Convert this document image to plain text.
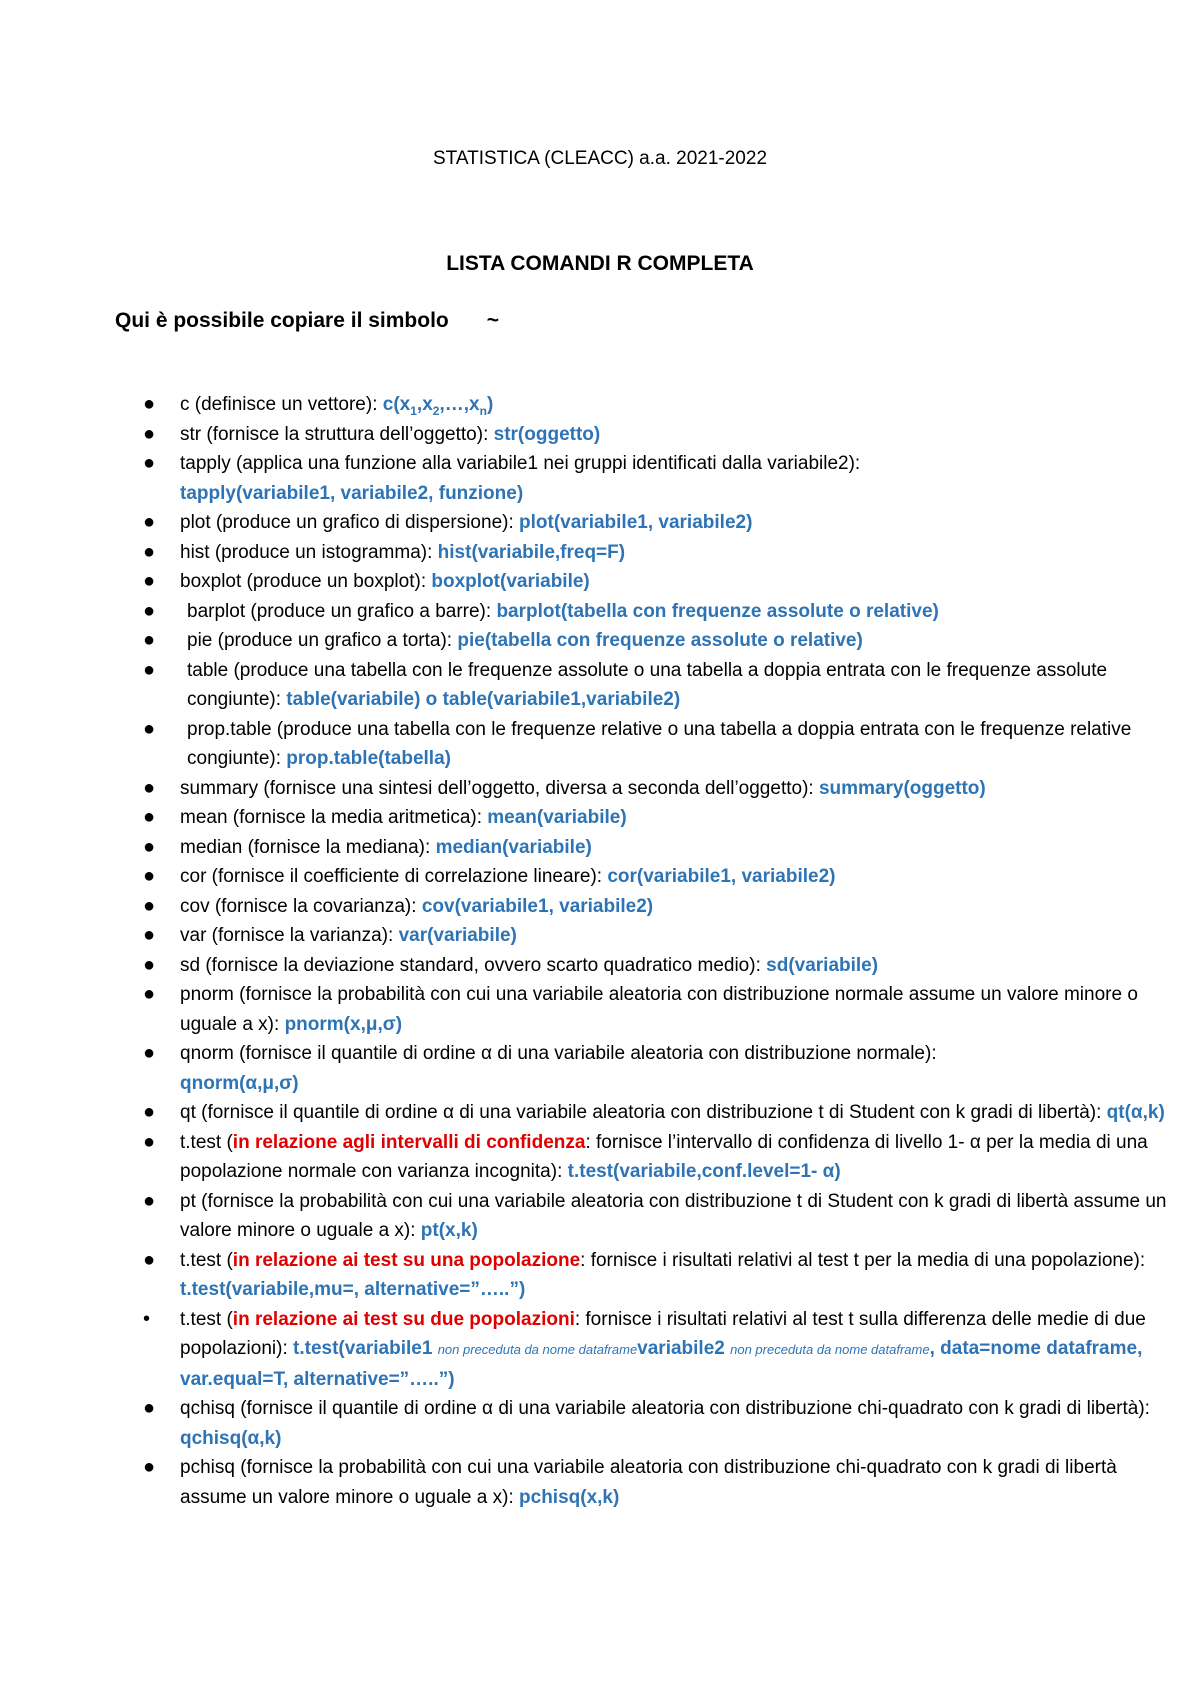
STATISTICA (CLEACC) a.a. 2021-2022
LISTA COMANDI R COMPLETA
Qui è possibile copiare il simbolo ~
● c (definisce un vettore): $c(x_1,x_2,\dots,x_n)$
● str (fornisce la struttura dell’oggetto): str(oggetto)
● tapply (applica una funzione alla variabile1 nei gruppi identificati dalla variabile2):
tapply(variabile1, variabile2, funzione)
● plot (produce un grafico di dispersione): plot(variabile1, variabile2)
● hist (produce un istogramma): hist(variabile,freq=F)
● boxplot (produce un boxplot): boxplot(variabile)
● barplot (produce un grafico a barre): barplot(tabella con frequenze assolute o relative)
● pie (produce un grafico a torta): pie(tabella con frequenze assolute o relative)
● table (produce una tabella con le frequenze assolute o una tabella a doppia entrata con le frequenze assolute congiunte): table(variabile) o table(variabile1,variabile2)
● prop.table (produce una tabella con le frequenze relative o una tabella a doppia entrata con le frequenze relative congiunte): prop.table(tabella)
● summary (fornisce una sintesi dell’oggetto, diversa a seconda dell’oggetto): summary(oggetto)
● mean (fornisce la media aritmetica): mean(variabile)
● median (fornisce la mediana): median(variabile)
● cor (fornisce il coefficiente di correlazione lineare): cor(variabile1, variabile2)
● cov (fornisce la covarianza): cov(variabile1, variabile2)
● var (fornisce la varianza): var(variabile)
● sd (fornisce la deviazione standard, ovvero scarto quadratico medio): sd(variabile)
● pnorm (fornisce la probabilità con cui una variabile aleatoria con distribuzione normale assume un valore minore o uguale a x): pnorm(x,μ,σ)
● qnorm (fornisce il quantile di ordine α di una variabile aleatoria con distribuzione normale):
qnorm(α,μ,σ)
● qt (fornisce il quantile di ordine α di una variabile aleatoria con distribuzione t di Student con k gradi di libertà): qt(α,k)
● t.test (in relazione agli intervalli di confidenza: fornisce l’intervallo di confidenza di livello 1- α per la media di una popolazione normale con varianza incognita): t.test(variabile,conf.level=1- α)
● pt (fornisce la probabilità con cui una variabile aleatoria con distribuzione t di Student con k gradi di libertà assume un valore minore o uguale a x): pt(x,k)
● t.test (in relazione ai test su una popolazione: fornisce i risultati relativi al test t per la media di una popolazione): t.test(variabile,mu=, alternative=”…..”)
• t.test (in relazione ai test su due popolazioni: fornisce i risultati relativi al test t sulla differenza delle medie di due popolazioni): t.test(variabile1 non preceduta da nome dataframevariabile2 non preceduta da nome dataframe, data=nome dataframe, var.equal=T, alternative=”…..”)
● qchisq (fornisce il quantile di ordine α di una variabile aleatoria con distribuzione chi-quadrato con k gradi di libertà): qchisq(α,k)
● pchisq (fornisce la probabilità con cui una variabile aleatoria con distribuzione chi-quadrato con k gradi di libertà assume un valore minore o uguale a x): pchisq(x,k)
